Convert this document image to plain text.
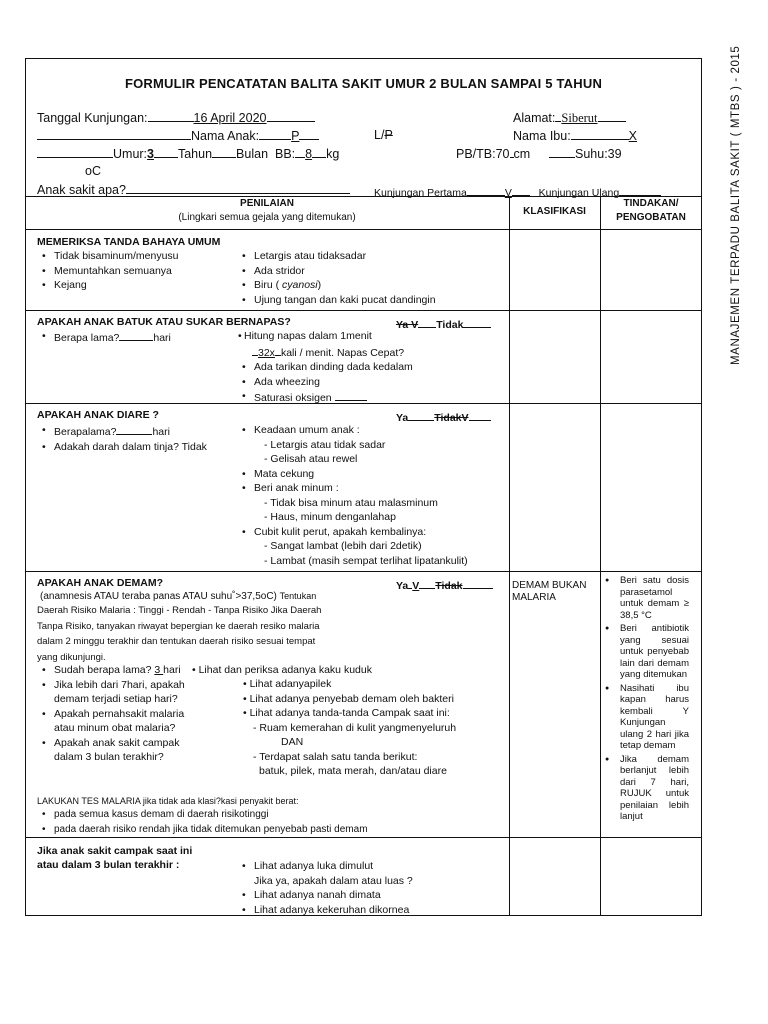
MANAJEMEN TERPADU BALITA SAKIT ( MTBS ) - 2015
FORMULIR PENCATATAN BALITA SAKIT UMUR 2 BULAN SAMPAI 5 TAHUN
Tanggal Kunjungan:	16 April 2020	Alamat: Siberut
Nama Anak:	P	L/P	Nama Ibu:	X
Umur:3 Tahun Bulan BB: 8 kg	PB/TB:70 cm	Suhu:39
oC
Anak sakit apa?	Kunjungan Pertama	V	Kunjungan Ulang
PENILAIAN
(Lingkari semua gejala yang ditemukan)
KLASIFIKASI
TINDAKAN/
PENGOBATAN
MEMERIKSA TANDA BAHAYA UMUM
• Tidak bisaminum/menyusu
• Memuntahkan semuanya
• Kejang
• Letargis atau tidaksadar
• Ada stridor
• Biru ( cyanosi)
• Ujung tangan dan kaki pucat dandingin
APAKAH ANAK BATUK ATAU SUKAR BERNAPAS?	Ya V Tidak
• Berapa lama?	hari	• Hitung napas dalam 1menit
32x kali / menit. Napas Cepat?
• Ada tarikan dinding dada kedalam
• Ada wheezing
• Saturasi oksigen
APAKAH ANAK DIARE ?	Ya TidakV
• Berapalama?	hari
• Adakah darah dalam tinja? Tidak
• Keadaan umum anak :
- Letargis atau tidak sadar
- Gelisah atau rewel
• Mata cekung
• Beri anak minum :
- Tidak bisa minum atau malasminum
- Haus, minum denganlahap
• Cubit kulit perut, apakah kembalinya:
- Sangat lambat (lebih dari 2detik)
- Lambat (masih sempat terlihat lipatankulit)
APAKAH ANAK DEMAM?	Ya V Tidak
(anamnesis ATAU teraba panas ATAU suhu˚>37,5oC) Tentukan
Daerah Risiko Malaria : Tinggi - Rendah - Tanpa Risiko Jika Daerah
Tanpa Risiko, tanyakan riwayat bepergian ke daerah resiko malaria
dalam 2 minggu terakhir dan tentukan daerah risiko sesuai tempat
yang dikunjungi.
• Sudah berapa lama? 3 hari
• Jika lebih dari 7hari, apakah
demam terjadi setiap hari?
• Apakah pernahsakit malaria
atau minum obat malaria?
• Apakah anak sakit campak
dalam 3 bulan terakhir?
• Lihat dan periksa adanya kaku kuduk
• Lihat adanyapilek
• Lihat adanya penyebab demam oleh bakteri
• Lihat adanya tanda-tanda Campak saat ini:
- Ruam kemerahan di kulit yangmenyeluruh
DAN
- Terdapat salah satu tanda berikut:
batuk, pilek, mata merah, dan/atau diare
LAKUKAN TES MALARIA jika tidak ada klasi?kasi penyakit berat:
• pada semua kasus demam di daerah risikotinggi
• pada daerah risiko rendah jika tidak ditemukan penyebab pasti demam
DEMAM BUKAN MALARIA
● Beri satu dosis parasetamol untuk demam ≥ 38,5 °C
● Beri antibiotik yang sesuai untuk penyebab lain dari demam yang ditemukan
● Nasihati ibu kapan harus kembali Y Kunjungan ulang 2 hari jika tetap demam
● Jika demam berlanjut lebih dari 7 hari, RUJUK untuk penilaian lebih lanjut
Jika anak sakit campak saat ini
atau dalam 3 bulan terakhir :	• Lihat adanya luka dimulut
Jika ya, apakah dalam atau luas ?
• Lihat adanya nanah dimata
• Lihat adanya kekeruhan dikornea
